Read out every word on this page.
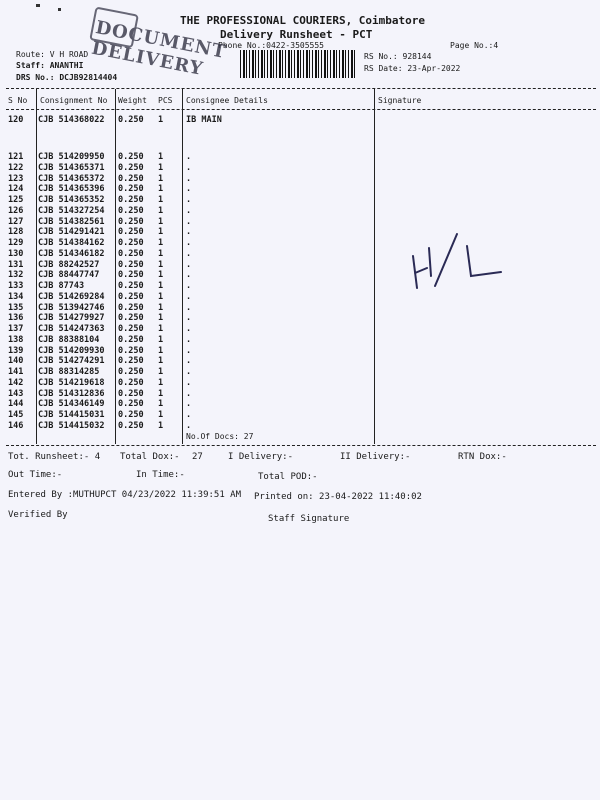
THE PROFESSIONAL COURIERS, Coimbatore
Delivery Runsheet - PCT
Phone No.:0422-3505555	Page No.:4
Route: V H ROAD
Staff: ANANTHI
DRS No.: DCJB92814404
RS No.: 928144
RS Date: 23-Apr-2022
DOCUMENT DELIVERY
S No Consignment No Weight PCS Consignee Details	Signature
120 CJB 514368022 0.250 1	IB MAIN
121 CJB 514209950 0.250 1	.
122 CJB 514365371 0.250 1	.
123 CJB 514365372 0.250 1	.
124 CJB 514365396 0.250 1	.
125 CJB 514365352 0.250 1	.
126 CJB 514327254 0.250 1	.
127 CJB 514382561 0.250 1	.
128 CJB 514291421 0.250 1	.
129 CJB 514384162 0.250 1	.
130 CJB 514346182 0.250 1	.
131 CJB 88242527 0.250 1	.
132 CJB 88447747 0.250 1	.
133 CJB 87743	0.250 1	.
134 CJB 514269284 0.250 1	.
135 CJB 513942746 0.250 1	.
136 CJB 514279927 0.250 1	.
137 CJB 514247363 0.250 1	.
138 CJB 88388104 0.250 1	.
139 CJB 514209930 0.250 1	.
140 CJB 514274291 0.250 1	.
141 CJB 88314285 0.250 1	.
142 CJB 514219618 0.250 1	.
143 CJB 514312836 0.250 1	.
144 CJB 514346149 0.250 1	.
145 CJB 514415031 0.250 1	.
146 CJB 514415032 0.250 1	.
No.Of Docs: 27
Tot. Runsheet:- 4 Total Dox:- 27	I Delivery:-	II Delivery:-	RTN Dox:-
Out Time:-	In Time:-	Total POD:-
Entered By :MUTHUPCT 04/23/2022 11:39:51 AM Printed on: 23-04-2022 11:40:02
Verified By	Staff Signature
